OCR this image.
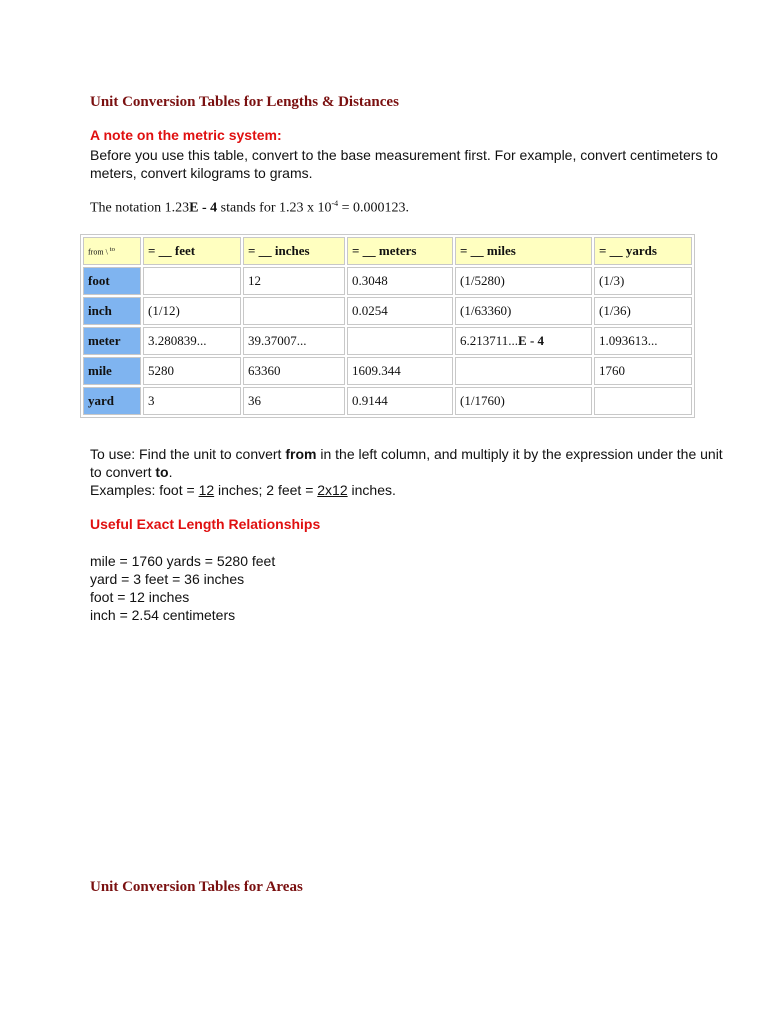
Unit Conversion Tables for Lengths & Distances
A note on the metric system:
Before you use this table, convert to the base measurement first. For example, convert centimeters to meters, convert kilograms to grams.
The notation 1.23E - 4 stands for 1.23 x $10^{-4} = 0.000123$.
from \ $^{to}$	= __ feet	= __ inches	= __ meters	= __ miles	= __ yards
foot		12	0.3048	(1/5280)	(1/3)
inch	(1/12)		0.0254	(1/63360)	(1/36)
meter	3.280839...	39.37007...		6.213711...E - 4	1.093613...
mile	5280	63360	1609.344		1760
yard	3	36	0.9144	(1/1760)	
To use: Find the unit to convert from in the left column, and multiply it by the expression under the unit to convert to.
Examples: foot = 12 inches; 2 feet = 2x12 inches.
Useful Exact Length Relationships
mile = 1760 yards = 5280 feet
yard = 3 feet = 36 inches
foot = 12 inches
inch = 2.54 centimeters
Unit Conversion Tables for Areas
